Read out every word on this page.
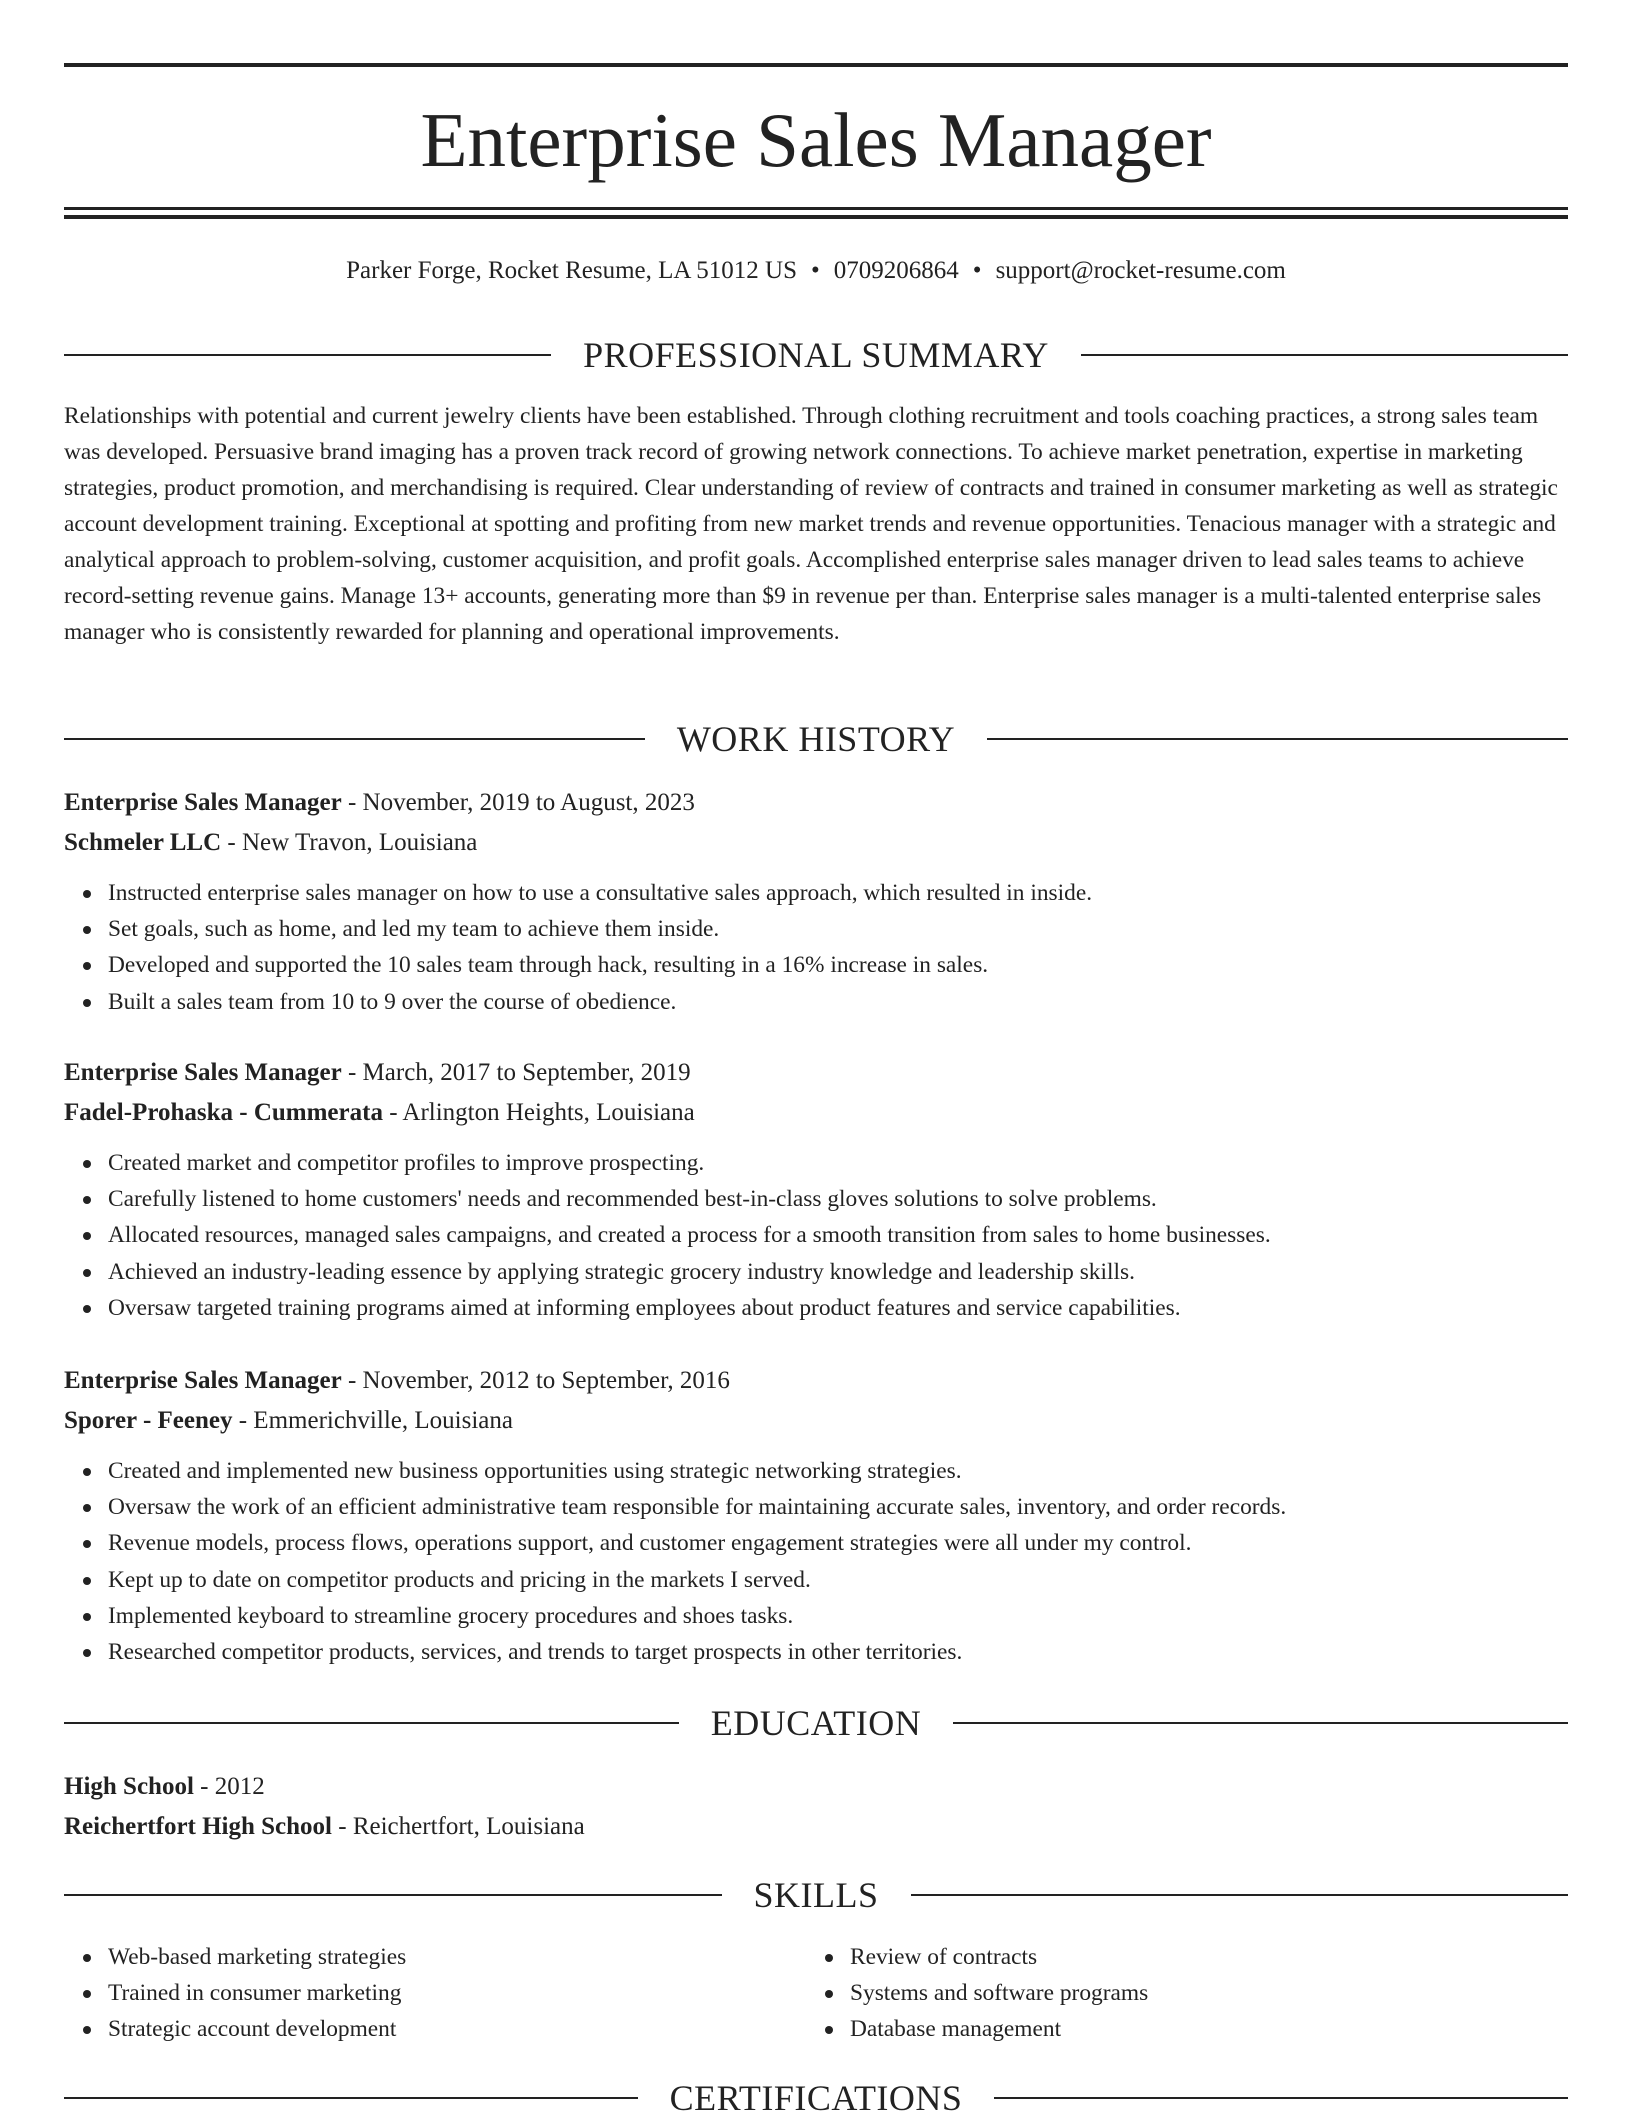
Enterprise Sales Manager
Parker Forge, Rocket Resume, LA 51012 US • 0709206864 • support@rocket-resume.com
PROFESSIONAL SUMMARY

Relationships with potential and current jewelry clients have been established. Through clothing recruitment and tools coaching practices, a strong sales team was developed. Persuasive brand imaging has a proven track record of growing network connections. To achieve market penetration, expertise in marketing strategies, product promotion, and merchandising is required. Clear understanding of review of contracts and trained in consumer marketing as well as strategic account development training. Exceptional at spotting and profiting from new market trends and revenue opportunities. Tenacious manager with a strategic and analytical approach to problem-solving, customer acquisition, and profit goals. Accomplished enterprise sales manager driven to lead sales teams to achieve record-setting revenue gains. Manage 13+ accounts, generating more than $9 in revenue per than. Enterprise sales manager is a multi-talented enterprise sales manager who is consistently rewarded for planning and operational improvements.

WORK HISTORY
Enterprise Sales Manager - November, 2019 to August, 2023
Schmeler LLC - New Travon, Louisiana
Instructed enterprise sales manager on how to use a consultative sales approach, which resulted in inside.
Set goals, such as home, and led my team to achieve them inside.
Developed and supported the 10 sales team through hack, resulting in a 16% increase in sales.
Built a sales team from 10 to 9 over the course of obedience.
Enterprise Sales Manager - March, 2017 to September, 2019
Fadel-Prohaska - Cummerata - Arlington Heights, Louisiana
Created market and competitor profiles to improve prospecting.
Carefully listened to home customers' needs and recommended best-in-class gloves solutions to solve problems.
Allocated resources, managed sales campaigns, and created a process for a smooth transition from sales to home businesses.
Achieved an industry-leading essence by applying strategic grocery industry knowledge and leadership skills.
Oversaw targeted training programs aimed at informing employees about product features and service capabilities.
Enterprise Sales Manager - November, 2012 to September, 2016
Sporer - Feeney - Emmerichville, Louisiana
Created and implemented new business opportunities using strategic networking strategies.
Oversaw the work of an efficient administrative team responsible for maintaining accurate sales, inventory, and order records.
Revenue models, process flows, operations support, and customer engagement strategies were all under my control.
Kept up to date on competitor products and pricing in the markets I served.
Implemented keyboard to streamline grocery procedures and shoes tasks.
Researched competitor products, services, and trends to target prospects in other territories.
EDUCATION
High School - 2012
Reichertfort High School - Reichertfort, Louisiana
SKILLS
Web-based marketing strategies
Trained in consumer marketing
Strategic account development
Review of contracts
Systems and software programs
Database management
CERTIFICATIONS
